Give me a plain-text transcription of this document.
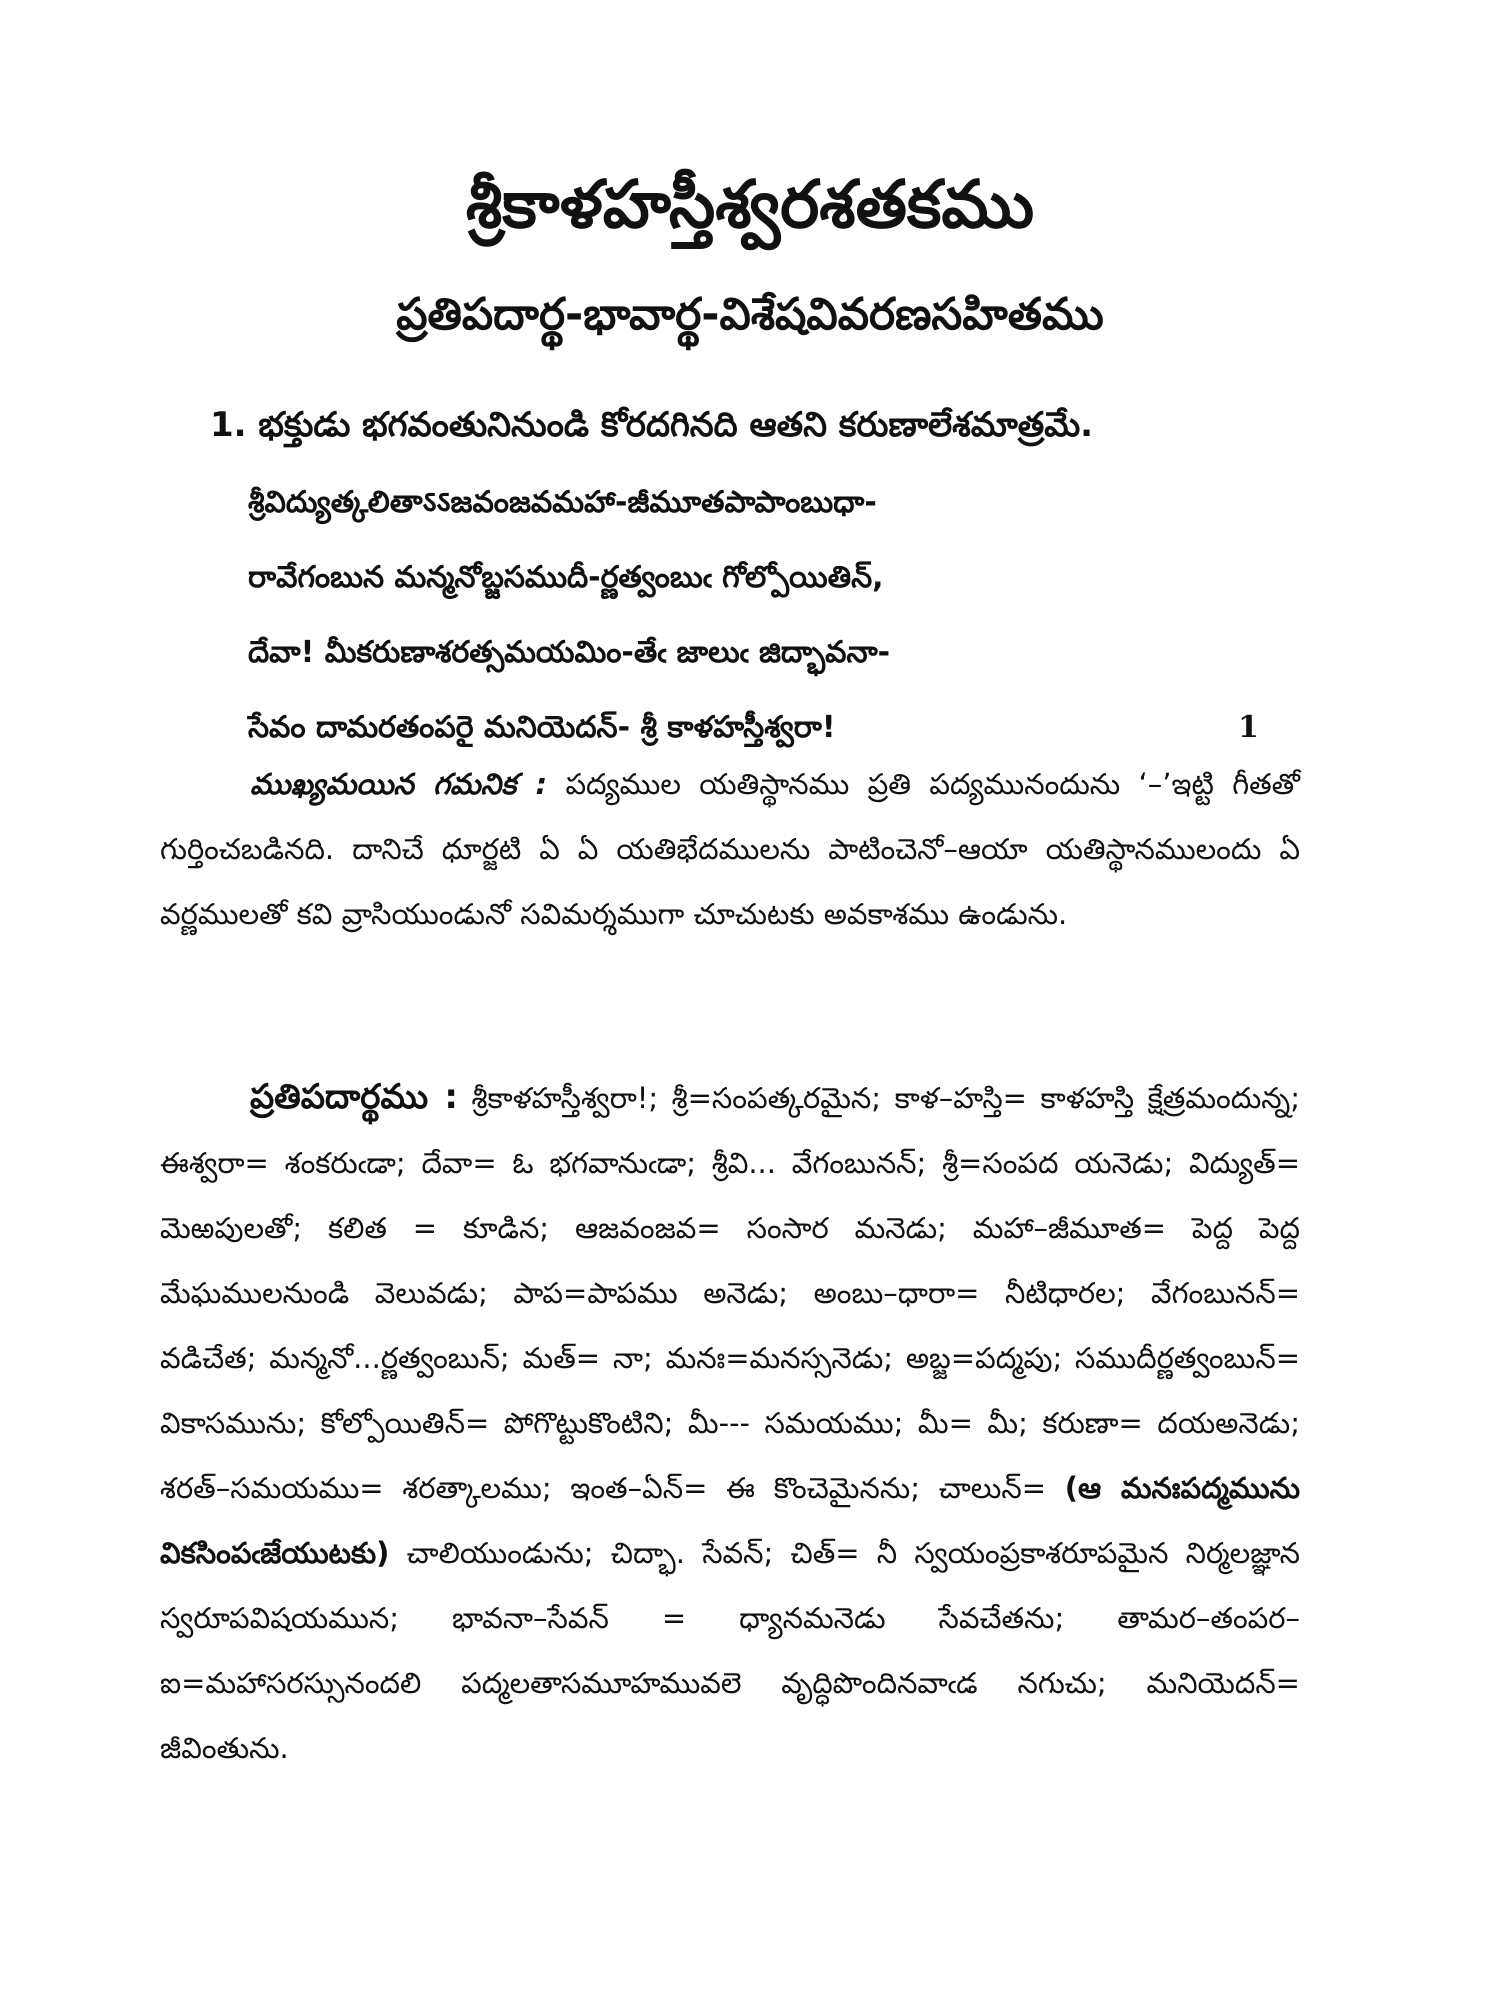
శ్రీకాళహస్తీశ్వరశతకము
ప్రతిపదార్థ-భావార్థ-విశేషవివరణసహితము
1. భక్తుడు భగవంతునినుండి కోరదగినది ఆతని కరుణాలేశమాత్రమే.
శ్రీవిద్యుత్కలితాऽऽజవంజవమహా-జీమూతపాపాంబుధా-
రావేగంబున మన్మనోబ్జసముదీ-ర్ణత్వంబుఁ గోల్పోయితిన్,
దేవా! మీకరుణాశరత్సమయమిం-తేఁ జాలుఁ జిద్భావనా-
సేవం దామరతంపరై మనియెదన్- శ్రీ కాళహస్తీశ్వరా!	1
ముఖ్యమయిన గమనిక : పద్యముల యతిస్థానము ప్రతి పద్యమునందును ‘–’ఇట్టి గీతతో గుర్తించబడినది. దానిచే ధూర్జటి ఏ ఏ యతిభేదములను పాటించెనో–ఆయా యతిస్థానములందు ఏ వర్ణములతో కవి వ్రాసియుండునో సవిమర్శముగా చూచుటకు అవకాశము ఉండును.
ప్రతిపదార్థము : శ్రీకాళహస్తీశ్వరా!; శ్రీ=సంపత్కరమైన; కాళ–హస్తి= కాళహస్తి క్షేత్రమందున్న; ఈశ్వరా= శంకరుఁడా; దేవా= ఓ భగవానుఁడా; శ్రీవి... వేగంబునన్; శ్రీ=సంపద యనెడు; విద్యుత్= మెఱపులతో; కలిత = కూడిన; ఆజవంజవ= సంసార మనెడు; మహా–జీమూత= పెద్ద పెద్ద మేఘములనుండి వెలువడు; పాప=పాపము అనెడు; అంబు–ధారా= నీటిధారల; వేగంబునన్= వడిచేత; మన్మనో...ర్ణత్వంబున్; మత్= నా; మనః=మనస్సనెడు; అబ్జ=పద్మపు; సముదీర్ణత్వంబున్= వికాసమును; కోల్పోయితిన్= పోగొట్టుకొంటిని; మీ--- సమయము; మీ= మీ; కరుణా= దయఅనెడు; శరత్–సమయము= శరత్కాలము; ఇంత–ఏన్= ఈ కొంచెమైనను; చాలున్= (ఆ మనఃపద్మమును వికసింపఁజేయుటకు) చాలియుండును; చిద్భా. సేవన్; చిత్= నీ స్వయంప్రకాశరూపమైన నిర్మలజ్ఞాన స్వరూపవిషయమున; భావనా–సేవన్ = ధ్యానమనెడు సేవచేతను; తామర–తంపర– ఐ=మహాసరస్సునందలి పద్మలతాసమూహమువలె వృద్ధిపొందినవాఁడ నగుచు; మనియెదన్= జీవింతును.
